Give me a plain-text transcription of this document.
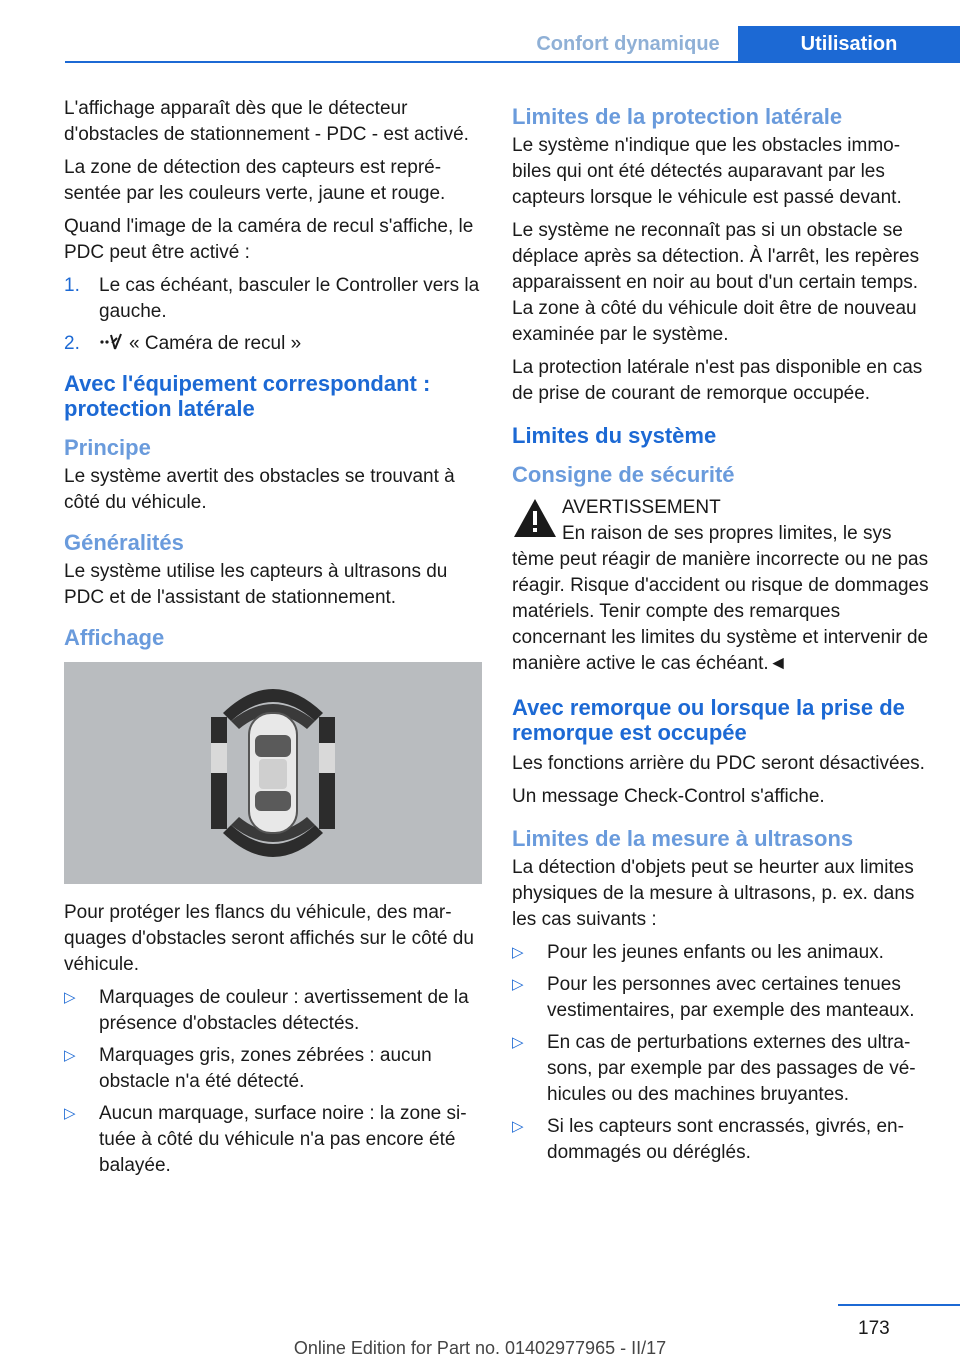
Confort dynamique	Utilisation

L'affichage apparaît dès que le détecteur d'obstacles de stationnement - PDC - est activé.

La zone de détection des capteurs est représentée par les couleurs verte, jaune et rouge.

Quand l'image de la caméra de recul s'affiche, le PDC peut être activé :

1. Le cas échéant, basculer le Controller vers la gauche.
2.	« Caméra de recul »
Avec l'équipement correspondant : protection latérale
Principe

Le système avertit des obstacles se trouvant à côté du véhicule.

Généralités

Le système utilise les capteurs à ultrasons du PDC et de l'assistant de stationnement.

Affichage

Pour protéger les flancs du véhicule, des marquages d'obstacles seront affichés sur le côté du véhicule.

▷ Marquages de couleur : avertissement de la présence d'obstacles détectés.
▷ Marquages gris, zones zébrées : aucun obstacle n'a été détecté.
▷ Aucun marquage, surface noire : la zone située à côté du véhicule n'a pas encore été balayée.
Limites de la protection latérale

Le système n'indique que les obstacles immobiles qui ont été détectés auparavant par les capteurs lorsque le véhicule est passé devant.

Le système ne reconnaît pas si un obstacle se déplace après sa détection. À l'arrêt, les repères apparaissent en noir au bout d'un certain temps. La zone à côté du véhicule doit être de nouveau examinée par le système.

La protection latérale n'est pas disponible en cas de prise de courant de remorque occupée.

Limites du système
Consigne de sécurité
AVERTISSEMENT
En raison de ses propres limites, le sys
tème peut réagir de manière incorrecte ou ne pas réagir. Risque d'accident ou risque de dommages matériels. Tenir compte des remarques concernant les limites du système et intervenir de manière active le cas échéant.◄
Avec remorque ou lorsque la prise de remorque est occupée

Les fonctions arrière du PDC seront désactivées.

Un message Check-Control s'affiche.

Limites de la mesure à ultrasons

La détection d'objets peut se heurter aux limites physiques de la mesure à ultrasons, p. ex. dans les cas suivants :

▷ Pour les jeunes enfants ou les animaux.
▷ Pour les personnes avec certaines tenues vestimentaires, par exemple des manteaux.
▷ En cas de perturbations externes des ultrasons, par exemple par des passages de véhicules ou des machines bruyantes.
▷ Si les capteurs sont encrassés, givrés, endommagés ou déréglés.
173
Online Edition for Part no. 01402977965 - II/17
